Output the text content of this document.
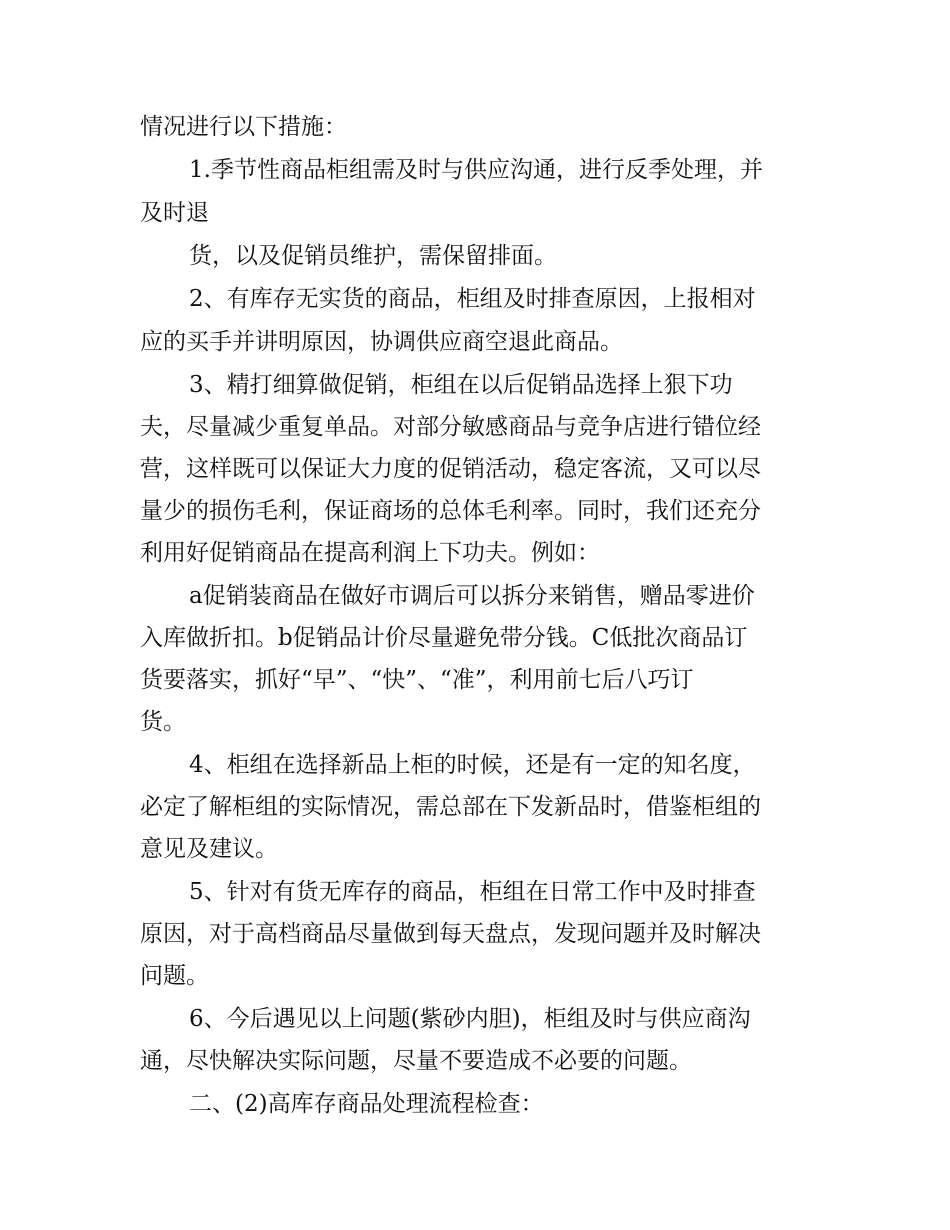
情况进行以下措施：
1.季节性商品柜组需及时与供应沟通，进行反季处理，并
及时退
货，以及促销员维护，需保留排面。
2、有库存无实货的商品，柜组及时排查原因，上报相对
应的买手并讲明原因，协调供应商空退此商品。
3、精打细算做促销，柜组在以后促销品选择上狠下功
夫，尽量减少重复单品。对部分敏感商品与竞争店进行错位经
营，这样既可以保证大力度的促销活动，稳定客流，又可以尽
量少的损伤毛利，保证商场的总体毛利率。同时，我们还充分
利用好促销商品在提高利润上下功夫。例如：
a促销装商品在做好市调后可以拆分来销售，赠品零进价
入库做折扣。b促销品计价尽量避免带分钱。C低批次商品订
货要落实，抓好“早”、“快”、“准”，利用前七后八巧订
货。
4、柜组在选择新品上柜的时候，还是有一定的知名度，
必定了解柜组的实际情况，需总部在下发新品时，借鉴柜组的
意见及建议。
5、针对有货无库存的商品，柜组在日常工作中及时排查
原因，对于高档商品尽量做到每天盘点，发现问题并及时解决
问题。
6、今后遇见以上问题(紫砂内胆)，柜组及时与供应商沟
通，尽快解决实际问题，尽量不要造成不必要的问题。
二、(2)高库存商品处理流程检查：
